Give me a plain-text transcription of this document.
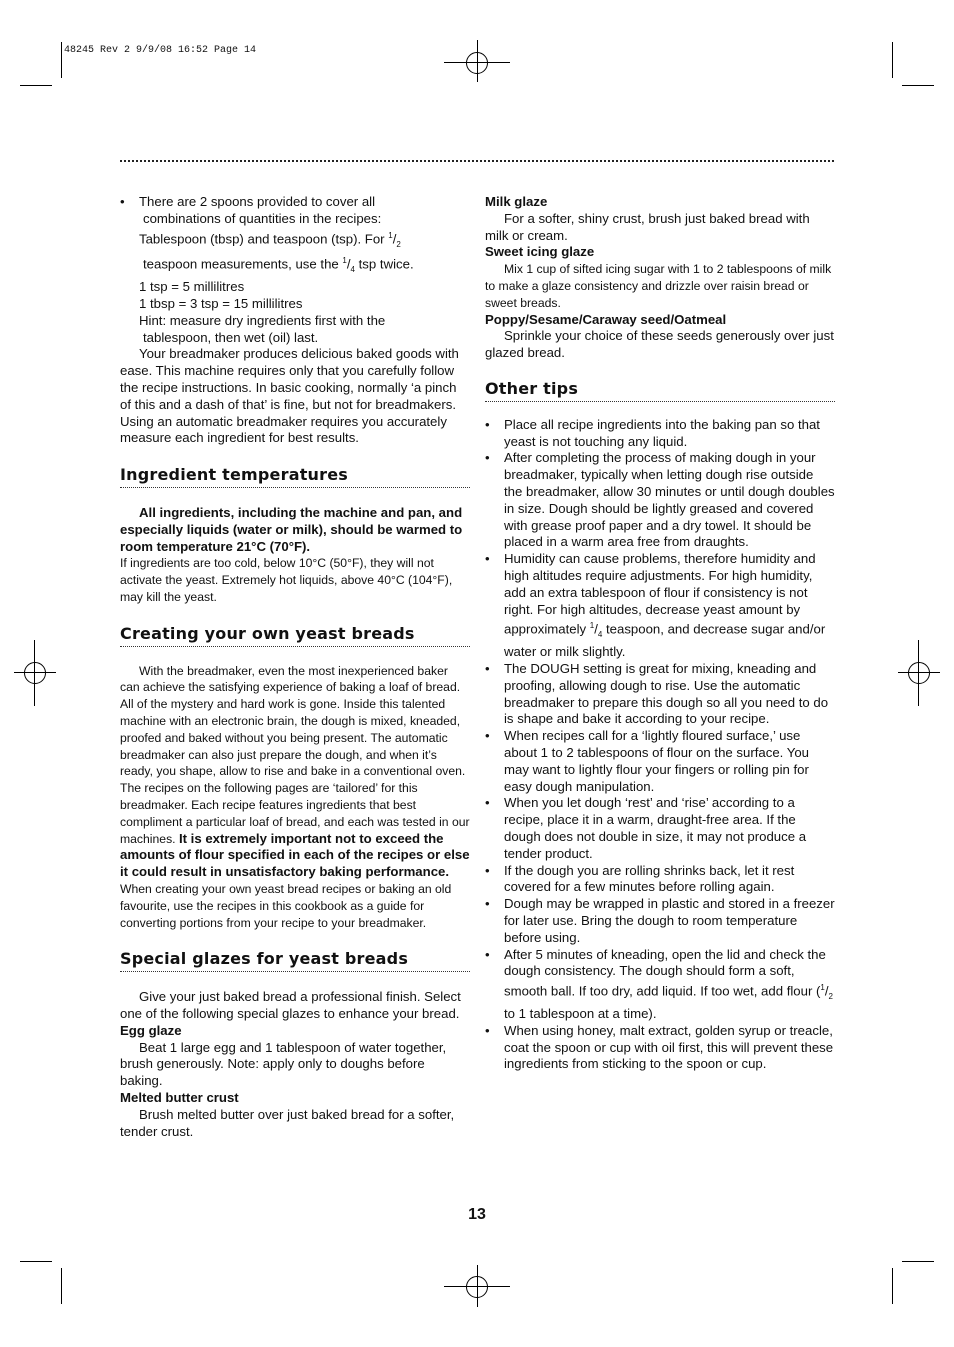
48245 Rev 2 9/9/08 16:52 Page 14
• There are 2 spoons provided to cover all
combinations of quantities in the recipes:
Tablespoon (tbsp) and teaspoon (tsp). For $^1/_2$
teaspoon measurements, use the $^1/_4$ tsp twice.
1 tsp = 5 millilitres
1 tbsp = 3 tsp = 15 millilitres
Hint: measure dry ingredients first with the
tablespoon, then wet (oil) last.

Your breadmaker produces delicious baked goods with ease. This machine requires only that you carefully follow the recipe instructions. In basic cooking, normally ‘a pinch of this and a dash of that’ is fine, but not for breadmakers. Using an automatic breadmaker requires you accurately measure each ingredient for best results.

Ingredient temperatures

All ingredients, including the machine and pan, and especially liquids (water or milk), should be warmed to room temperature 21°C (70°F).

If ingredients are too cold, below 10°C (50°F), they will not activate the yeast. Extremely hot liquids, above 40°C (104°F), may kill the yeast.

Creating your own yeast breads

With the breadmaker, even the most inexperienced baker can achieve the satisfying experience of baking a loaf of bread. All of the mystery and hard work is gone. Inside this talented machine with an electronic brain, the dough is mixed, kneaded, proofed and baked without you being present. The automatic breadmaker can also just prepare the dough, and when it’s ready, you shape, allow to rise and bake in a conventional oven. The recipes on the following pages are ‘tailored’ for this breadmaker. Each recipe features ingredients that best compliment a particular loaf of bread, and each was tested in our machines. It is extremely important not to exceed the amounts of flour specified in each of the recipes or else it could result in unsatisfactory baking performance. When creating your own yeast bread recipes or baking an old favourite, use the recipes in this cookbook as a guide for converting portions from your recipe to your breadmaker.

Special glazes for yeast breads

Give your just baked bread a professional finish. Select one of the following special glazes to enhance your bread.

Egg glaze

Beat 1 large egg and 1 tablespoon of water together, brush generously. Note: apply only to doughs before baking.

Melted butter crust

Brush melted butter over just baked bread for a softer, tender crust.

Milk glaze

For a softer, shiny crust, brush just baked bread with milk or cream.

Sweet icing glaze

Mix 1 cup of sifted icing sugar with 1 to 2 tablespoons of milk to make a glaze consistency and drizzle over raisin bread or sweet breads.

Poppy/Sesame/Caraway seed/Oatmeal

Sprinkle your choice of these seeds generously over just glazed bread.

Other tips
• Place all recipe ingredients into the baking pan so that yeast is not touching any liquid.
• After completing the process of making dough in your breadmaker, typically when letting dough rise outside the breadmaker, allow 30 minutes or until dough doubles in size. Dough should be lightly greased and covered with grease proof paper and a dry towel. It should be placed in a warm area free from draughts.
• Humidity can cause problems, therefore humidity and high altitudes require adjustments. For high humidity, add an extra tablespoon of flour if consistency is not right. For high altitudes, decrease yeast amount by approximately $^1/_4$ teaspoon, and decrease sugar and/or water or milk slightly.
• The DOUGH setting is great for mixing, kneading and proofing, allowing dough to rise. Use the automatic breadmaker to prepare this dough so all you need to do is shape and bake it according to your recipe.
• When recipes call for a ‘lightly floured surface,’ use about 1 to 2 tablespoons of flour on the surface. You may want to lightly flour your fingers or rolling pin for easy dough manipulation.
• When you let dough ‘rest’ and ‘rise’ according to a recipe, place it in a warm, draught-free area. If the dough does not double in size, it may not produce a tender product.
• If the dough you are rolling shrinks back, let it rest covered for a few minutes before rolling again.
• Dough may be wrapped in plastic and stored in a freezer for later use. Bring the dough to room temperature before using.
• After 5 minutes of kneading, open the lid and check the dough consistency. The dough should form a soft, smooth ball. If too dry, add liquid. If too wet, add flour ($^1/_2$ to 1 tablespoon at a time).
• When using honey, malt extract, golden syrup or treacle, coat the spoon or cup with oil first, this will prevent these ingredients from sticking to the spoon or cup.
13
